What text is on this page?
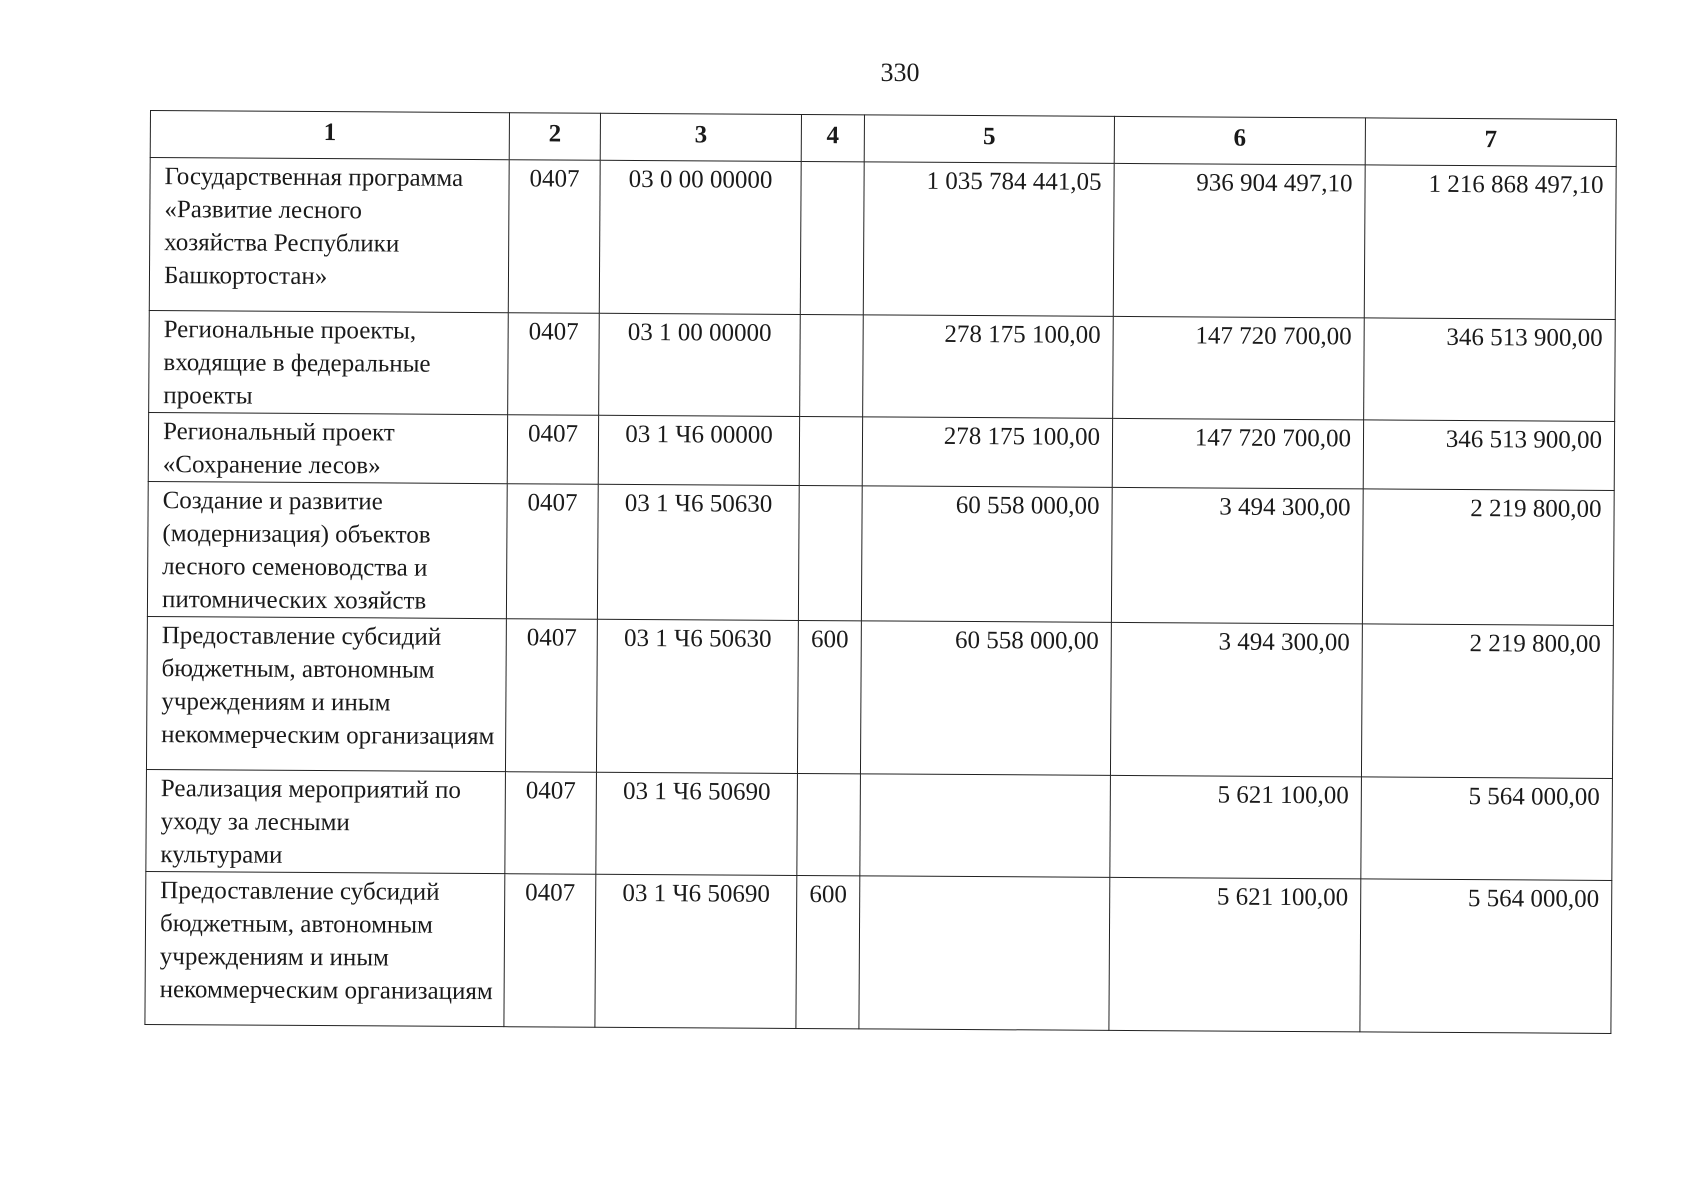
330
1	2	3	4	5	6	7
Государственная программа «Развитие лесного хозяйства Республики Башкортостан»	0407	03 0 00 00000		1 035 784 441,05	936 904 497,10	1 216 868 497,10
Региональные проекты, входящие в федеральные проекты	0407	03 1 00 00000		278 175 100,00	147 720 700,00	346 513 900,00
Региональный проект «Сохранение лесов»	0407	03 1 Ч6 00000		278 175 100,00	147 720 700,00	346 513 900,00
Создание и развитие (модернизация) объектов лесного семеноводства и питомнических хозяйств	0407	03 1 Ч6 50630		60 558 000,00	3 494 300,00	2 219 800,00
Предоставление субсидий бюджетным, автономным учреждениям и иным некоммерческим организациям	0407	03 1 Ч6 50630	600	60 558 000,00	3 494 300,00	2 219 800,00
Реализация мероприятий по уходу за лесными культурами	0407	03 1 Ч6 50690			5 621 100,00	5 564 000,00
Предоставление субсидий бюджетным, автономным учреждениям и иным некоммерческим организациям	0407	03 1 Ч6 50690	600		5 621 100,00	5 564 000,00
